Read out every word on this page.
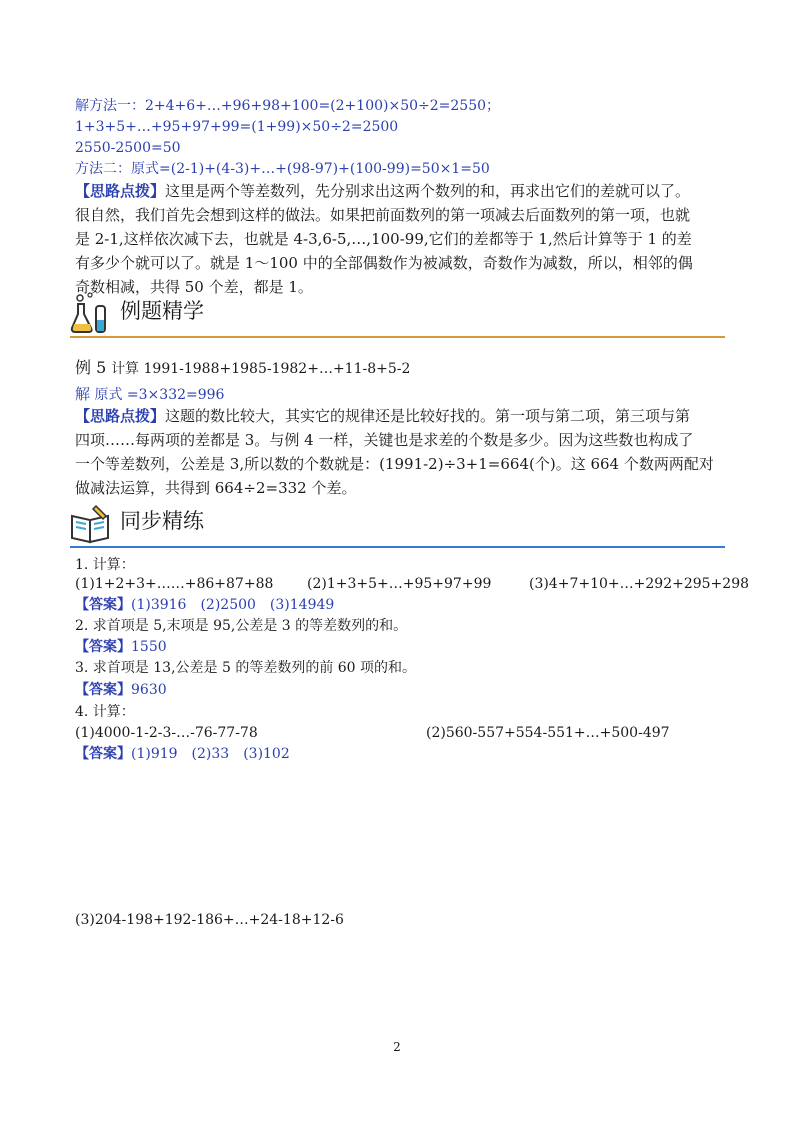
解方法一：2+4+6+…+96+98+100=(2+100)×50÷2=2550；
1+3+5+…+95+97+99=(1+99)×50÷2=2500
2550-2500=50
方法二：原式=(2-1)+(4-3)+…+(98-97)+(100-99)=50×1=50
【思路点拨】这里是两个等差数列，先分别求出这两个数列的和，再求出它们的差就可以了。
很自然，我们首先会想到这样的做法。如果把前面数列的第一项减去后面数列的第一项，也就
是 2-1,这样依次减下去，也就是 4-3,6-5,…,100-99,它们的差都等于 1,然后计算等于 1 的差
有多少个就可以了。就是 1～100 中的全部偶数作为被减数，奇数作为减数，所以，相邻的偶
奇数相减，共得 50 个差，都是 1。
例题精学
例 5 计算 1991-1988+1985-1982+…+11-8+5-2
解 原式 =3×332=996
【思路点拨】这题的数比较大，其实它的规律还是比较好找的。第一项与第二项，第三项与第
四项……每两项的差都是 3。与例 4 一样，关键也是求差的个数是多少。因为这些数也构成了
一个等差数列，公差是 3,所以数的个数就是：(1991-2)÷3+1=664(个)。这 664 个数两两配对
做减法运算，共得到 664÷2=332 个差。
同步精练
1. 计算：
(1)1+2+3+……+86+87+88 (2)1+3+5+…+95+97+99	(3)4+7+10+…+292+295+298
【答案】(1)3916　(2)2500　(3)14949
2. 求首项是 5,末项是 95,公差是 3 的等差数列的和。
【答案】1550
3. 求首项是 13,公差是 5 的等差数列的前 60 项的和。
【答案】9630
4. 计算：
(1)4000-1-2-3-…-76-77-78	(2)560-557+554-551+…+500-497
【答案】(1)919　(2)33　(3)102
(3)204-198+192-186+…+24-18+12-6
2
